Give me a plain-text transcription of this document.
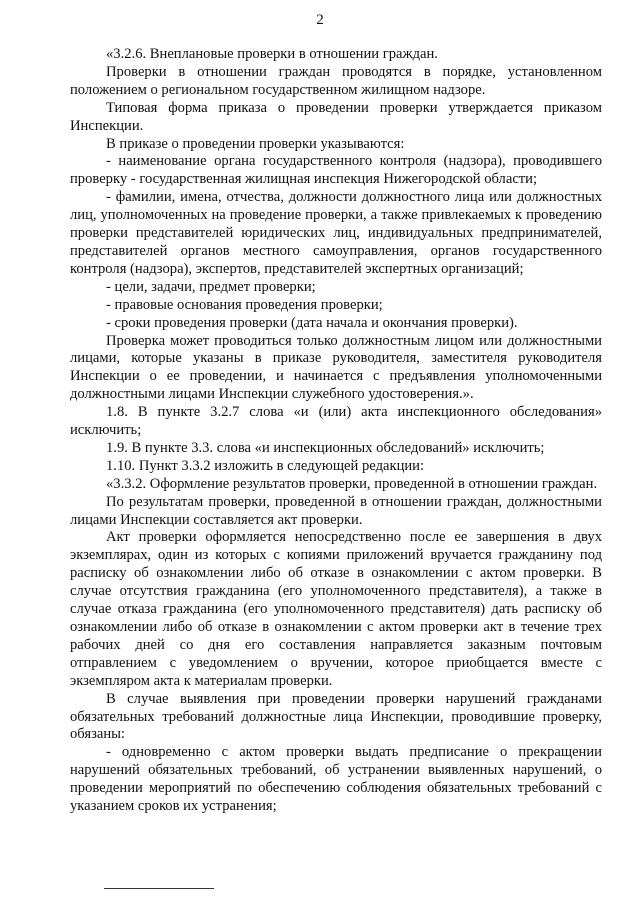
2

«3.2.6. Внеплановые проверки в отношении граждан.

Проверки в отношении граждан проводятся в порядке, установленном положением о региональном государственном жилищном надзоре.

Типовая форма приказа о проведении проверки утверждается приказом Инспекции.

В приказе о проведении проверки указываются:

- наименование органа государственного контроля (надзора), проводившего проверку - государственная жилищная инспекция Нижегородской области;

- фамилии, имена, отчества, должности должностного лица или должностных лиц, уполномоченных на проведение проверки, а также привлекаемых к проведению проверки представителей юридических лиц, индивидуальных предпринимателей, представителей органов местного самоуправления, органов государственного контроля (надзора), экспертов, представителей экспертных организаций;

- цели, задачи, предмет проверки;

- правовые основания проведения проверки;

- сроки проведения проверки (дата начала и окончания проверки).

Проверка может проводиться только должностным лицом или должностными лицами, которые указаны в приказе руководителя, заместителя руководителя Инспекции о ее проведении, и начинается с предъявления уполномоченными должностными лицами Инспекции служебного удостоверения.».

1.8. В пункте 3.2.7 слова «и (или) акта инспекционного обследования» исключить;

1.9. В пункте 3.3. слова «и инспекционных обследований» исключить;

1.10. Пункт 3.3.2 изложить в следующей редакции:

«3.3.2. Оформление результатов проверки, проведенной в отношении граждан.

По результатам проверки, проведенной в отношении граждан, должностными лицами Инспекции составляется акт проверки.

Акт проверки оформляется непосредственно после ее завершения в двух экземплярах, один из которых с копиями приложений вручается гражданину под расписку об ознакомлении либо об отказе в ознакомлении с актом проверки. В случае отсутствия гражданина (его уполномоченного представителя), а также в случае отказа гражданина (его уполномоченного представителя) дать расписку об ознакомлении либо об отказе в ознакомлении с актом проверки акт в течение трех рабочих дней со дня его составления направляется заказным почтовым отправлением с уведомлением о вручении, которое приобщается вместе с экземпляром акта к материалам проверки.

В случае выявления при проведении проверки нарушений гражданами обязательных требований должностные лица Инспекции, проводившие проверку, обязаны:

- одновременно с актом проверки выдать предписание о прекращении нарушений обязательных требований, об устранении выявленных нарушений, о проведении мероприятий по обеспечению соблюдения обязательных требований с указанием сроков их устранения;
